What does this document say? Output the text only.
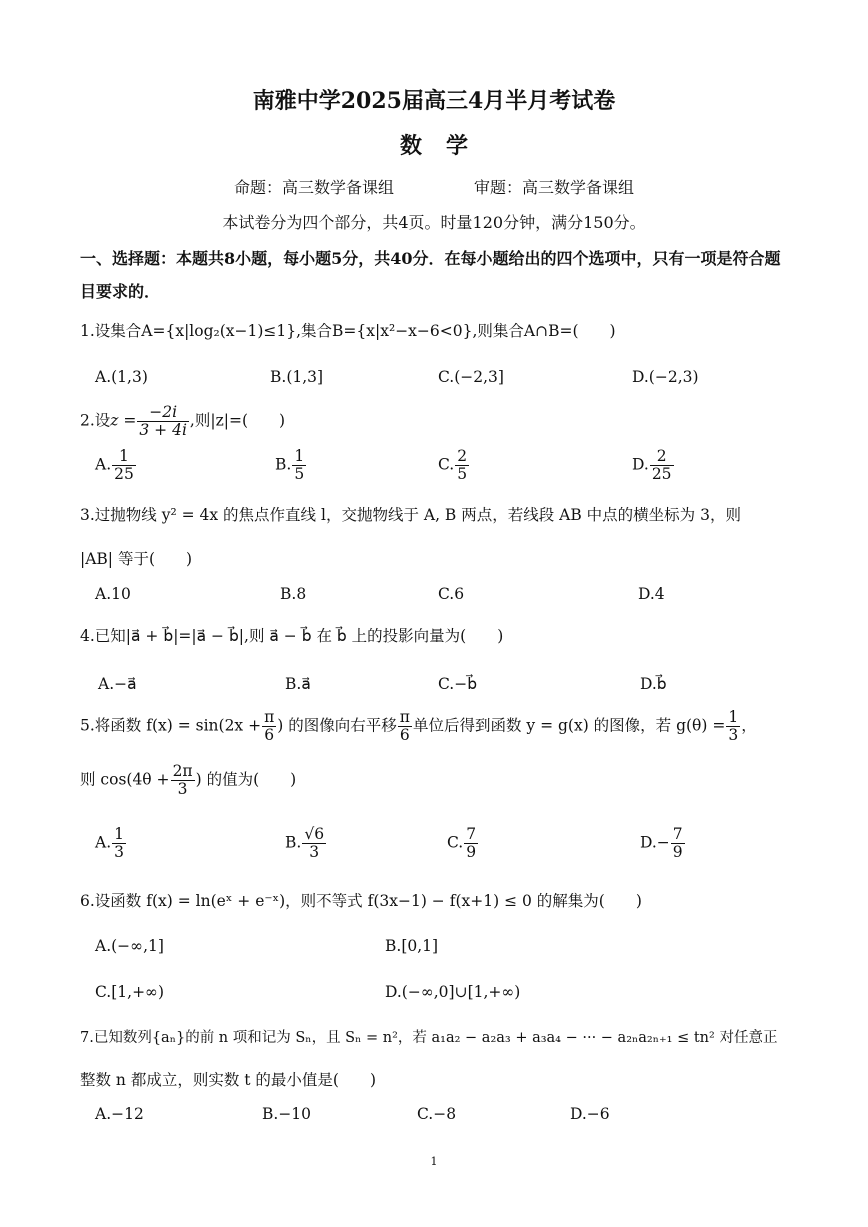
南雅中学2025届高三4月半月考试卷
数学
命题：高三数学备课组	审题：高三数学备课组
本试卷分为四个部分，共4页。时量120分钟，满分150分。
一、选择题：本题共8小题，每小题5分，共40分．在每小题给出的四个选项中，只有一项是符合题目要求的．
1.设集合A={x|log₂(x−1)≤1},集合B={x|x²−x−6<0},则集合A∩B=(　　)
A.(1,3)	B.(1,3]	C.(−2,3]	D.(−2,3)
2.设$z = \frac{-2i}{3 + 4i}$ ,则|z|=(　　)
A. $\frac{1}{25}$	B. $\frac{1}{5}$	C. $\frac{2}{5}$	D. $\frac{2}{25}$
3.过抛物线 y² = 4x 的焦点作直线 l，交抛物线于 A, B 两点，若线段 AB 中点的横坐标为 3，则
|AB| 等于(　　)
A.10	B.8	C.6	D.4
4.已知|a⃗ + b⃗|=|a⃗ − b⃗|,则 a⃗ − b⃗ 在 b⃗ 上的投影向量为(　　)
A.−a⃗	B.a⃗	C.−b⃗	D.b⃗
5.将函数 $f(x) = \sin(2x + \frac{\pi}{6}$ ) 的图像向右平移 $\frac{\pi}{6}$ 单位后得到函数 y = g(x) 的图像，若 $g(\theta) = \frac{1}{3}$ ，
则 $\cos(4\theta + \frac{2\pi}{3}$ ) 的值为(　　)
A. $\frac{1}{3}$	B. $\frac{√6}{3}$	C. $\frac{7}{9}$	$D.- \frac{7}{9}$
6.设函数 f(x) = ln(eˣ + e⁻ˣ)，则不等式 f(3x−1) − f(x+1) ≤ 0 的解集为(　　)
A.(−∞,1]	B.[0,1]
C.[1,+∞)	D.(−∞,0]∪[1,+∞)
7.已知数列{aₙ}的前 n 项和记为 Sₙ，且 Sₙ = n²，若 a₁a₂ − a₂a₃ + a₃a₄ − ··· − a₂ₙa₂ₙ₊₁ ≤ tn² 对任意正
整数 n 都成立，则实数 t 的最小值是(　　)
A.−12	B.−10	C.−8	D.−6
1
